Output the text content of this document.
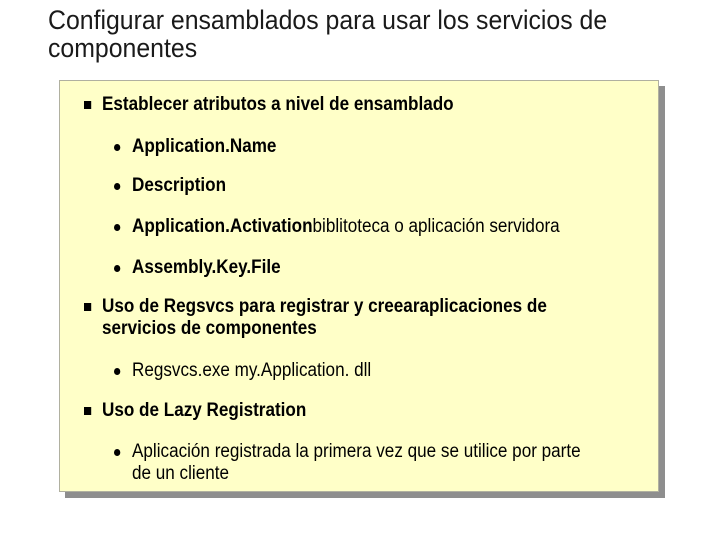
Configurar ensamblados para usar los servicios de
componentes
Establecer atributos a nivel de ensamblado
Application.Name
Description
Application.Activationbiblitoteca o aplicación servidora
Assembly.Key.File
Uso de Regsvcs para registrar y creearaplicaciones de
servicios de componentes
Regsvcs.exe my.Application. dll
Uso de Lazy Registration
Aplicación registrada la primera vez que se utilice por parte
de un cliente
